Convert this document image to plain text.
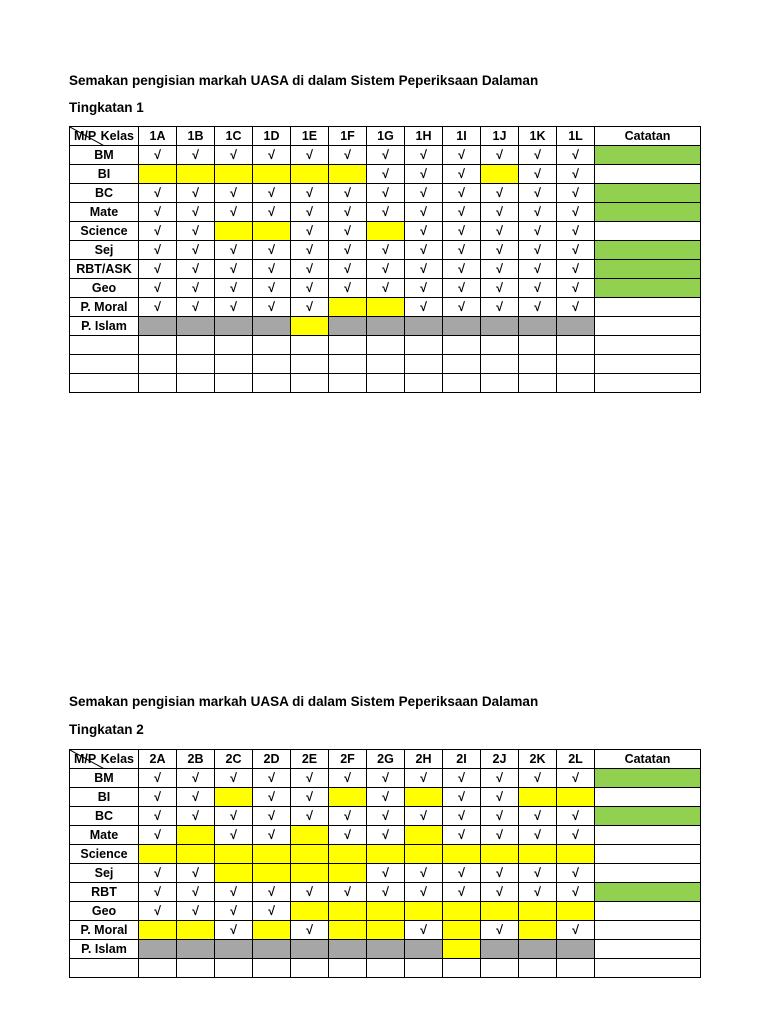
Semakan pengisian markah UASA di dalam Sistem Peperiksaan Dalaman

Tingkatan 1

Kelas
M/P	1A	1B	1C	1D	1E	1F	1G	1H	1I	1J	1K	1L	Catatan
BM	√	√	√	√	√	√	√	√	√	√	√	√	
BI							√	√	√		√	√	
BC	√	√	√	√	√	√	√	√	√	√	√	√	
Mate	√	√	√	√	√	√	√	√	√	√	√	√	
Science	√	√			√	√		√	√	√	√	√	
Sej	√	√	√	√	√	√	√	√	√	√	√	√	
RBT/ASK	√	√	√	√	√	√	√	√	√	√	√	√	
Geo	√	√	√	√	√	√	√	√	√	√	√	√	
P. Moral	√	√	√	√	√			√	√	√	√	√	
P. Islam													

Semakan pengisian markah UASA di dalam Sistem Peperiksaan Dalaman

Tingkatan 2

Kelas
M/P	2A	2B	2C	2D	2E	2F	2G	2H	2I	2J	2K	2L	Catatan
BM	√	√	√	√	√	√	√	√	√	√	√	√	
BI	√	√		√	√		√		√	√			
BC	√	√	√	√	√	√	√	√	√	√	√	√	
Mate	√		√	√		√	√		√	√	√	√	
Science													
Sej	√	√					√	√	√	√	√	√	
RBT	√	√	√	√	√	√	√	√	√	√	√	√	
Geo	√	√	√	√									
P. Moral			√		√			√		√		√	
P. Islam													
